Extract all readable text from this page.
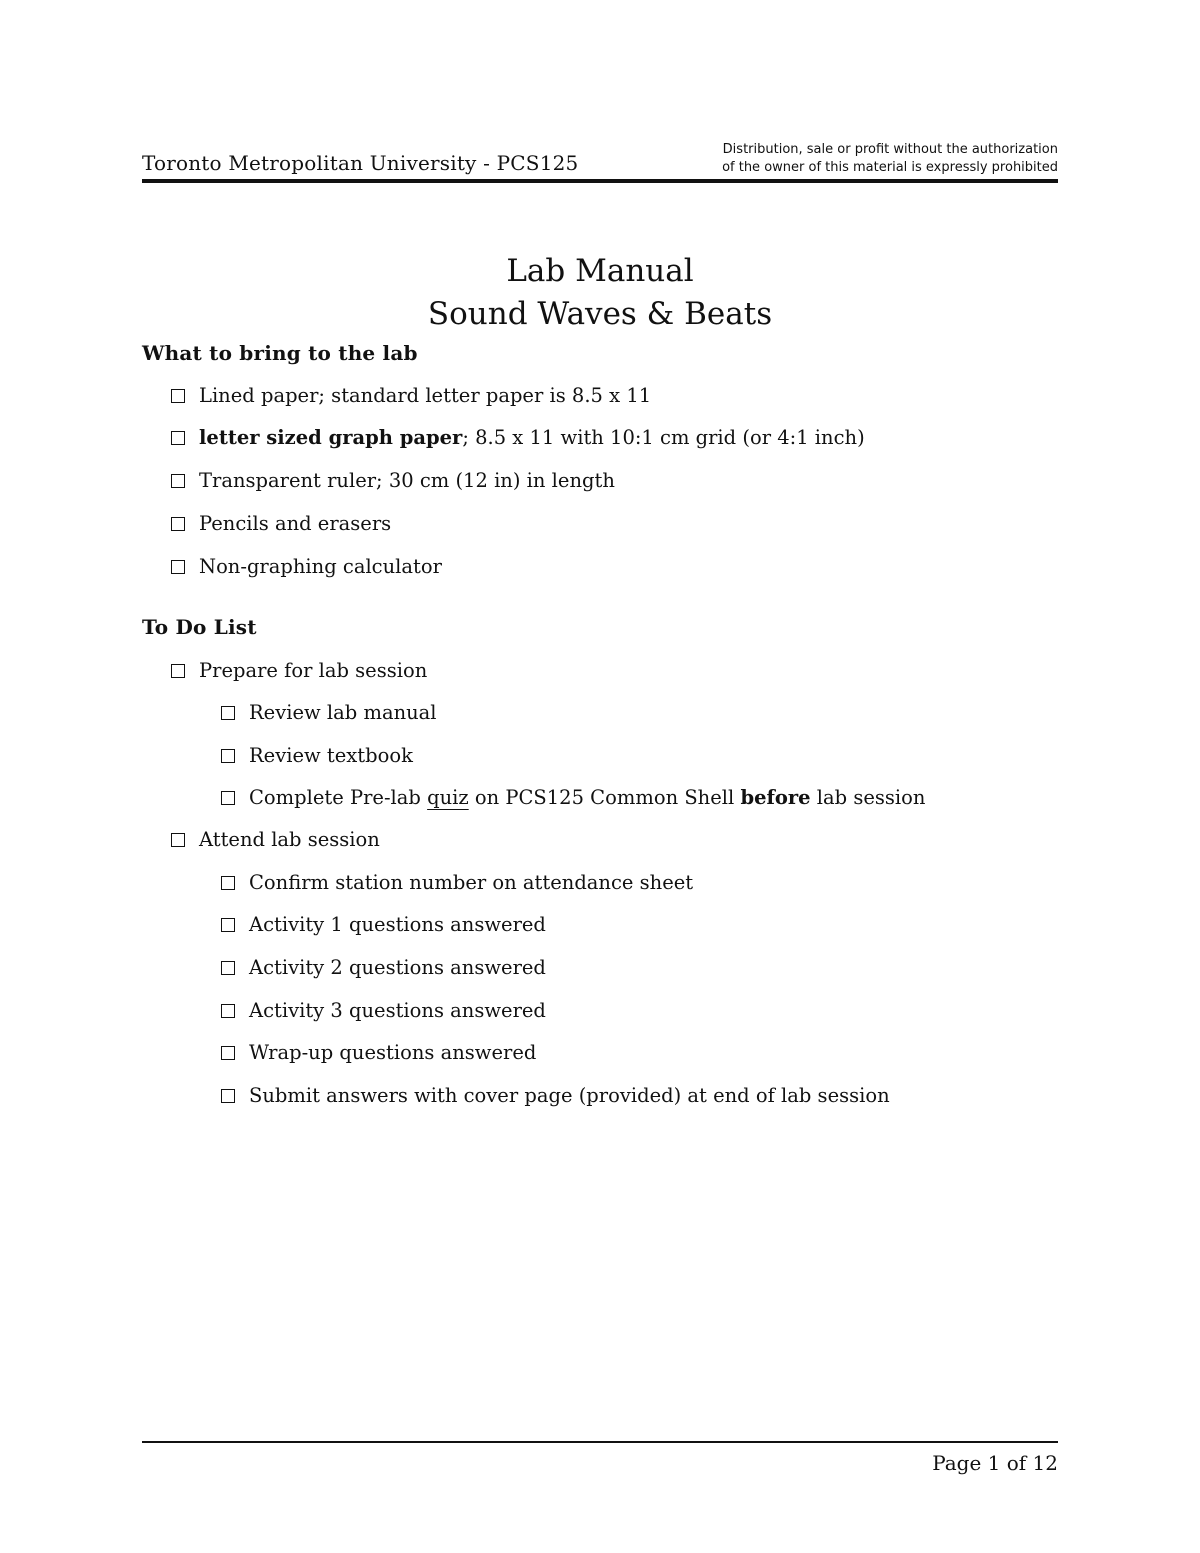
Toronto Metropolitan University - PCS125
Distribution, sale or profit without the authorization
of the owner of this material is expressly prohibited
Lab Manual
Sound Waves & Beats
What to bring to the lab
Lined paper; standard letter paper is 8.5 x 11
letter sized graph paper ; 8.5 x 11 with 10:1 cm grid (or 4:1 inch)
Transparent ruler; 30 cm (12 in) in length
Pencils and erasers
Non-graphing calculator
To Do List
Prepare for lab session
Review lab manual
Review textbook
Complete Pre-lab quiz on PCS125 Common Shell before lab session
Attend lab session
Confirm station number on attendance sheet
Activity 1 questions answered
Activity 2 questions answered
Activity 3 questions answered
Wrap-up questions answered
Submit answers with cover page (provided) at end of lab session
Page 1 of 12
